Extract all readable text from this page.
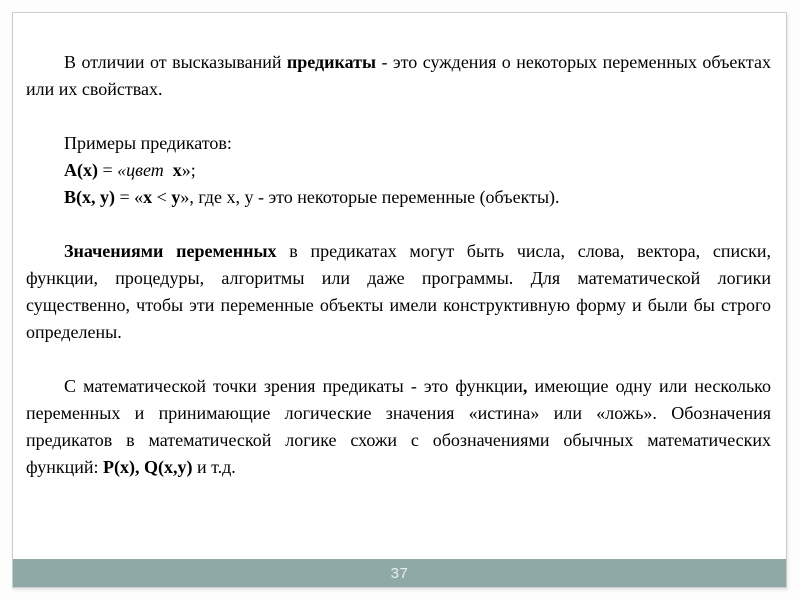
В отличии от высказываний предикаты - это суждения о некоторых переменных объектах или их свойствах.

Примеры предикатов:

A(x) = «цвет x»;

B(x, y) = «x < y», где x, y - это некоторые переменные (объекты).

Значениями переменных в предикатах могут быть числа, слова, вектора, списки, функции, процедуры, алгоритмы или даже программы. Для математической логики существенно, чтобы эти переменные объекты имели конструктивную форму и были бы строго определены.

С математической точки зрения предикаты - это функции, имеющие одну или несколько переменных и принимающие логические значения «истина» или «ложь». Обозначения предикатов в математической логике схожи с обозначениями обычных математических функций: P(x), Q(x,y) и т.д.

37
